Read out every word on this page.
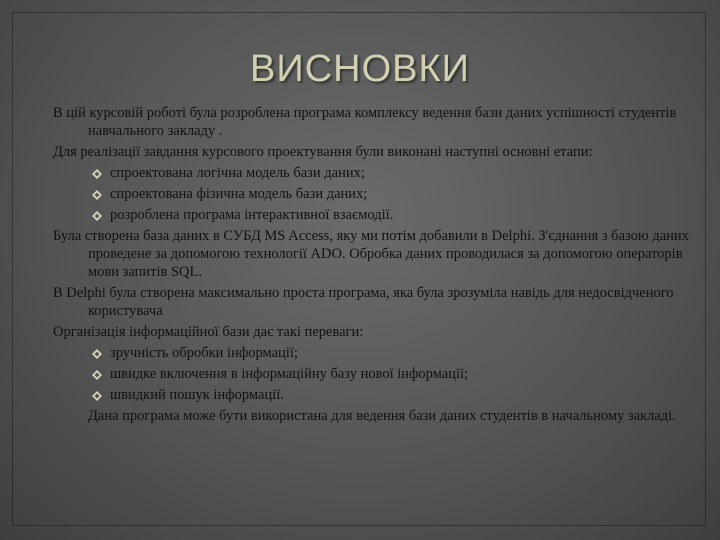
ВИСНОВКИ

В цій курсовій роботі була розроблена програма комплексу ведення бази даних успішності студентів навчального закладу .

Для реалізації завдання курсового проектування були виконані наступні основні етапи:

спроектована логічна модель бази даних;
спроектована фізична модель бази даних;
розроблена програма інтерактивної взаємодії.

Була створена база даних в СУБД MS Access, яку ми потім добавили в Delphi. З'єднання з базою даних проведене за допомогою технології ADO. Обробка даних проводилася за допомогою операторів мови запитів SQL.

В Delphi була створена максимально проста програма, яка була зрозуміла навідь для недосвідченого користувача

Організація інформаційної бази дає такі переваги:

зручність обробки інформації;
швидке включення в інформаційну базу нової інформації;
швидкий пошук інформації.

Дана програма може бути використана для ведення бази даних студентів в начальному закладі.
